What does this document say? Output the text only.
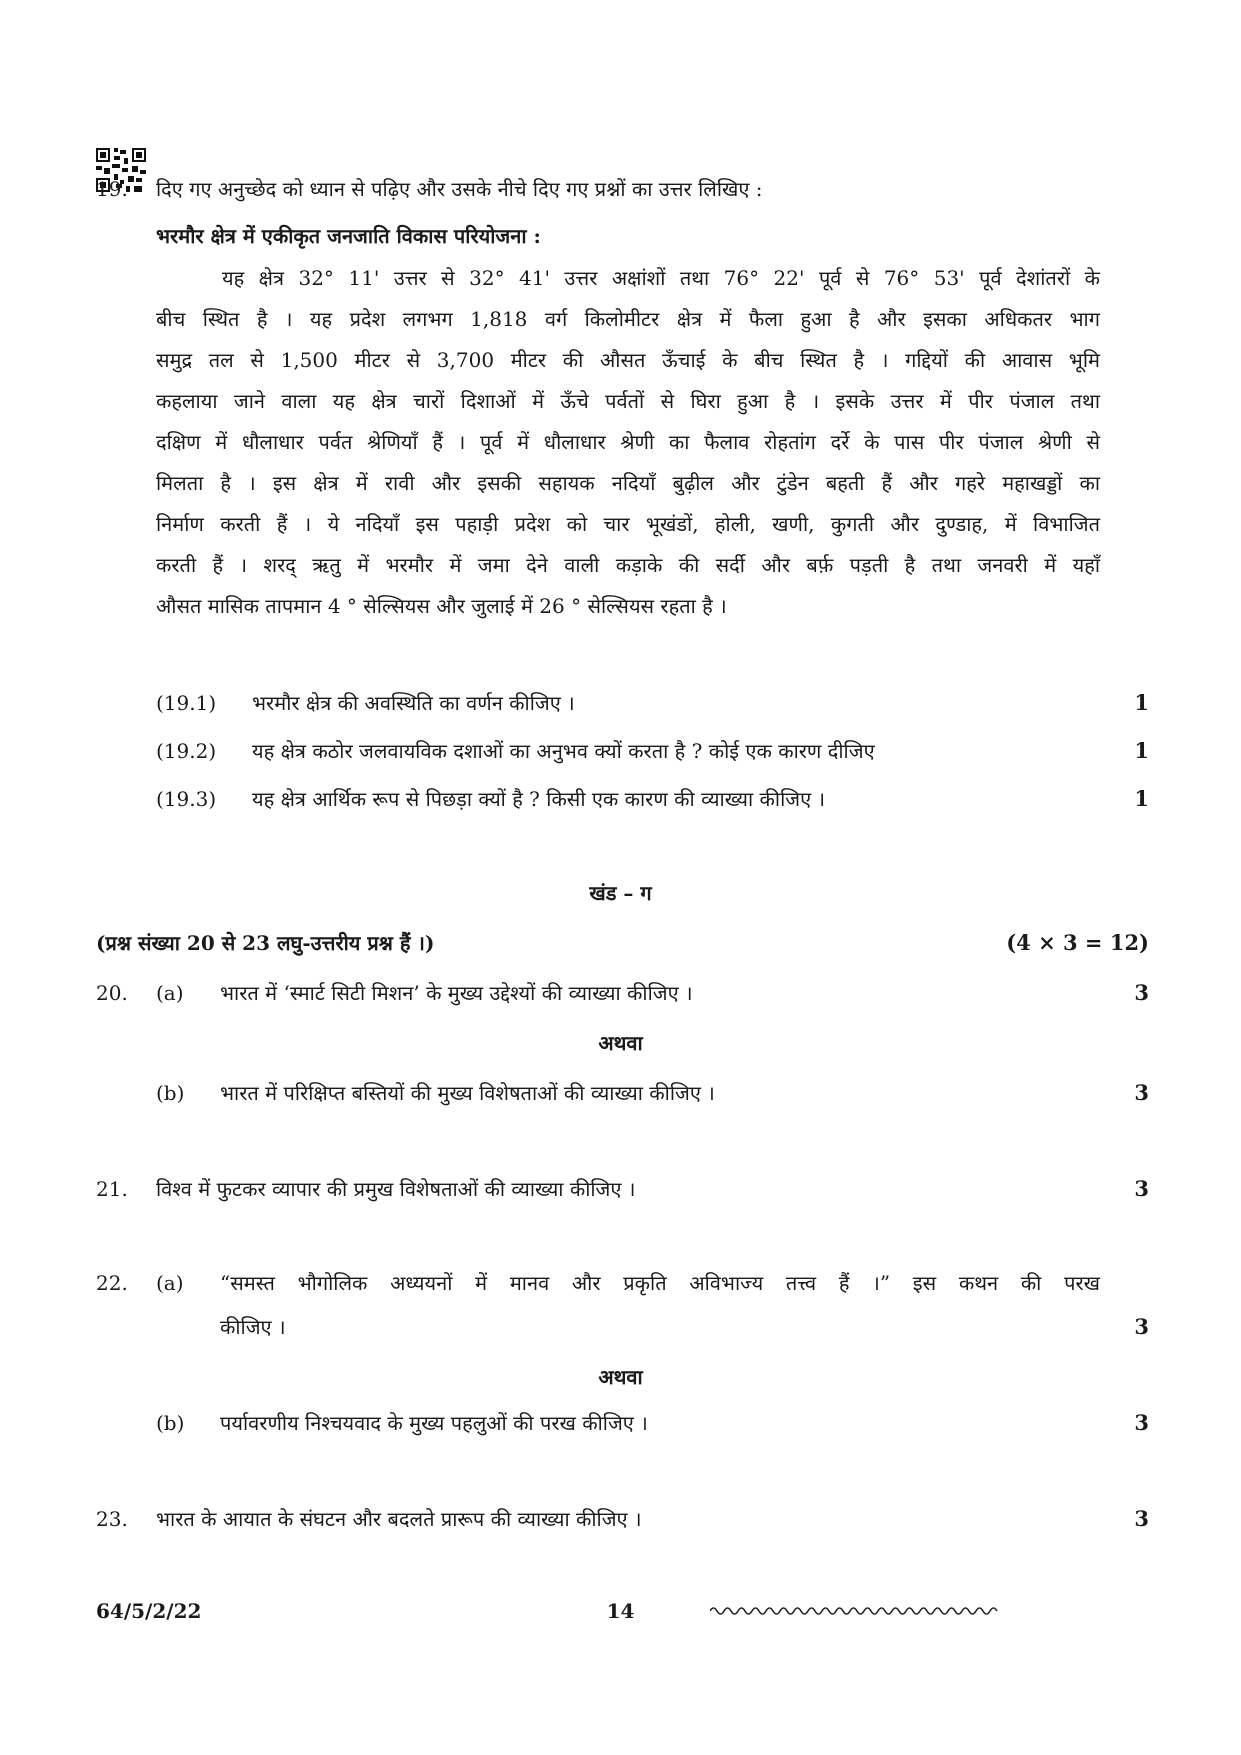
19. दिए गए अनुच्छेद को ध्यान से पढ़िए और उसके नीचे दिए गए प्रश्नों का उत्तर लिखिए :
भरमौर क्षेत्र में एकीकृत जनजाति विकास परियोजना :
यह क्षेत्र 32° 11' उत्तर से 32° 41' उत्तर अक्षांशों तथा 76° 22' पूर्व से 76° 53' पूर्व देशांतरों के
बीच स्थित है । यह प्रदेश लगभग 1,818 वर्ग किलोमीटर क्षेत्र में फैला हुआ है और इसका अधिकतर भाग
समुद्र तल से 1,500 मीटर से 3,700 मीटर की औसत ऊँचाई के बीच स्थित है । गद्दियों की आवास भूमि
कहलाया जाने वाला यह क्षेत्र चारों दिशाओं में ऊँचे पर्वतों से घिरा हुआ है । इसके उत्तर में पीर पंजाल तथा
दक्षिण में धौलाधार पर्वत श्रेणियाँ हैं । पूर्व में धौलाधार श्रेणी का फैलाव रोहतांग दर्रे के पास पीर पंजाल श्रेणी से
मिलता है । इस क्षेत्र में रावी और इसकी सहायक नदियाँ बुढ़ील और टुंडेन बहती हैं और गहरे महाखड्डों का
निर्माण करती हैं । ये नदियाँ इस पहाड़ी प्रदेश को चार भूखंडों, होली, खणी, कुगती और दुण्डाह, में विभाजित
करती हैं । शरद् ऋतु में भरमौर में जमा देने वाली कड़ाके की सर्दी और बर्फ़ पड़ती है तथा जनवरी में यहाँ
औसत मासिक तापमान 4 ° सेल्सियस और जुलाई में 26 ° सेल्सियस रहता है ।
(19.1) भरमौर क्षेत्र की अवस्थिति का वर्णन कीजिए ।	1
(19.2) यह क्षेत्र कठोर जलवायविक दशाओं का अनुभव क्यों करता है ? कोई एक कारण दीजिए	1
(19.3) यह क्षेत्र आर्थिक रूप से पिछड़ा क्यों है ? किसी एक कारण की व्याख्या कीजिए ।	1
खंड – ग
(प्रश्न संख्या 20 से 23 लघु-उत्तरीय प्रश्न हैं ।)	(4 × 3 = 12)
20. (a) भारत में ‘स्मार्ट सिटी मिशन’ के मुख्य उद्देश्यों की व्याख्या कीजिए ।	3
अथवा
(b) भारत में परिक्षिप्त बस्तियों की मुख्य विशेषताओं की व्याख्या कीजिए ।	3
21. विश्व में फुटकर व्यापार की प्रमुख विशेषताओं की व्याख्या कीजिए ।	3
22. (a) “समस्त भौगोलिक अध्ययनों में मानव और प्रकृति अविभाज्य तत्त्व हैं ।” इस कथन की परख
कीजिए ।	3
अथवा
(b) पर्यावरणीय निश्चयवाद के मुख्य पहलुओं की परख कीजिए ।	3
23. भारत के आयात के संघटन और बदलते प्रारूप की व्याख्या कीजिए ।	3
64/5/2/22	14
